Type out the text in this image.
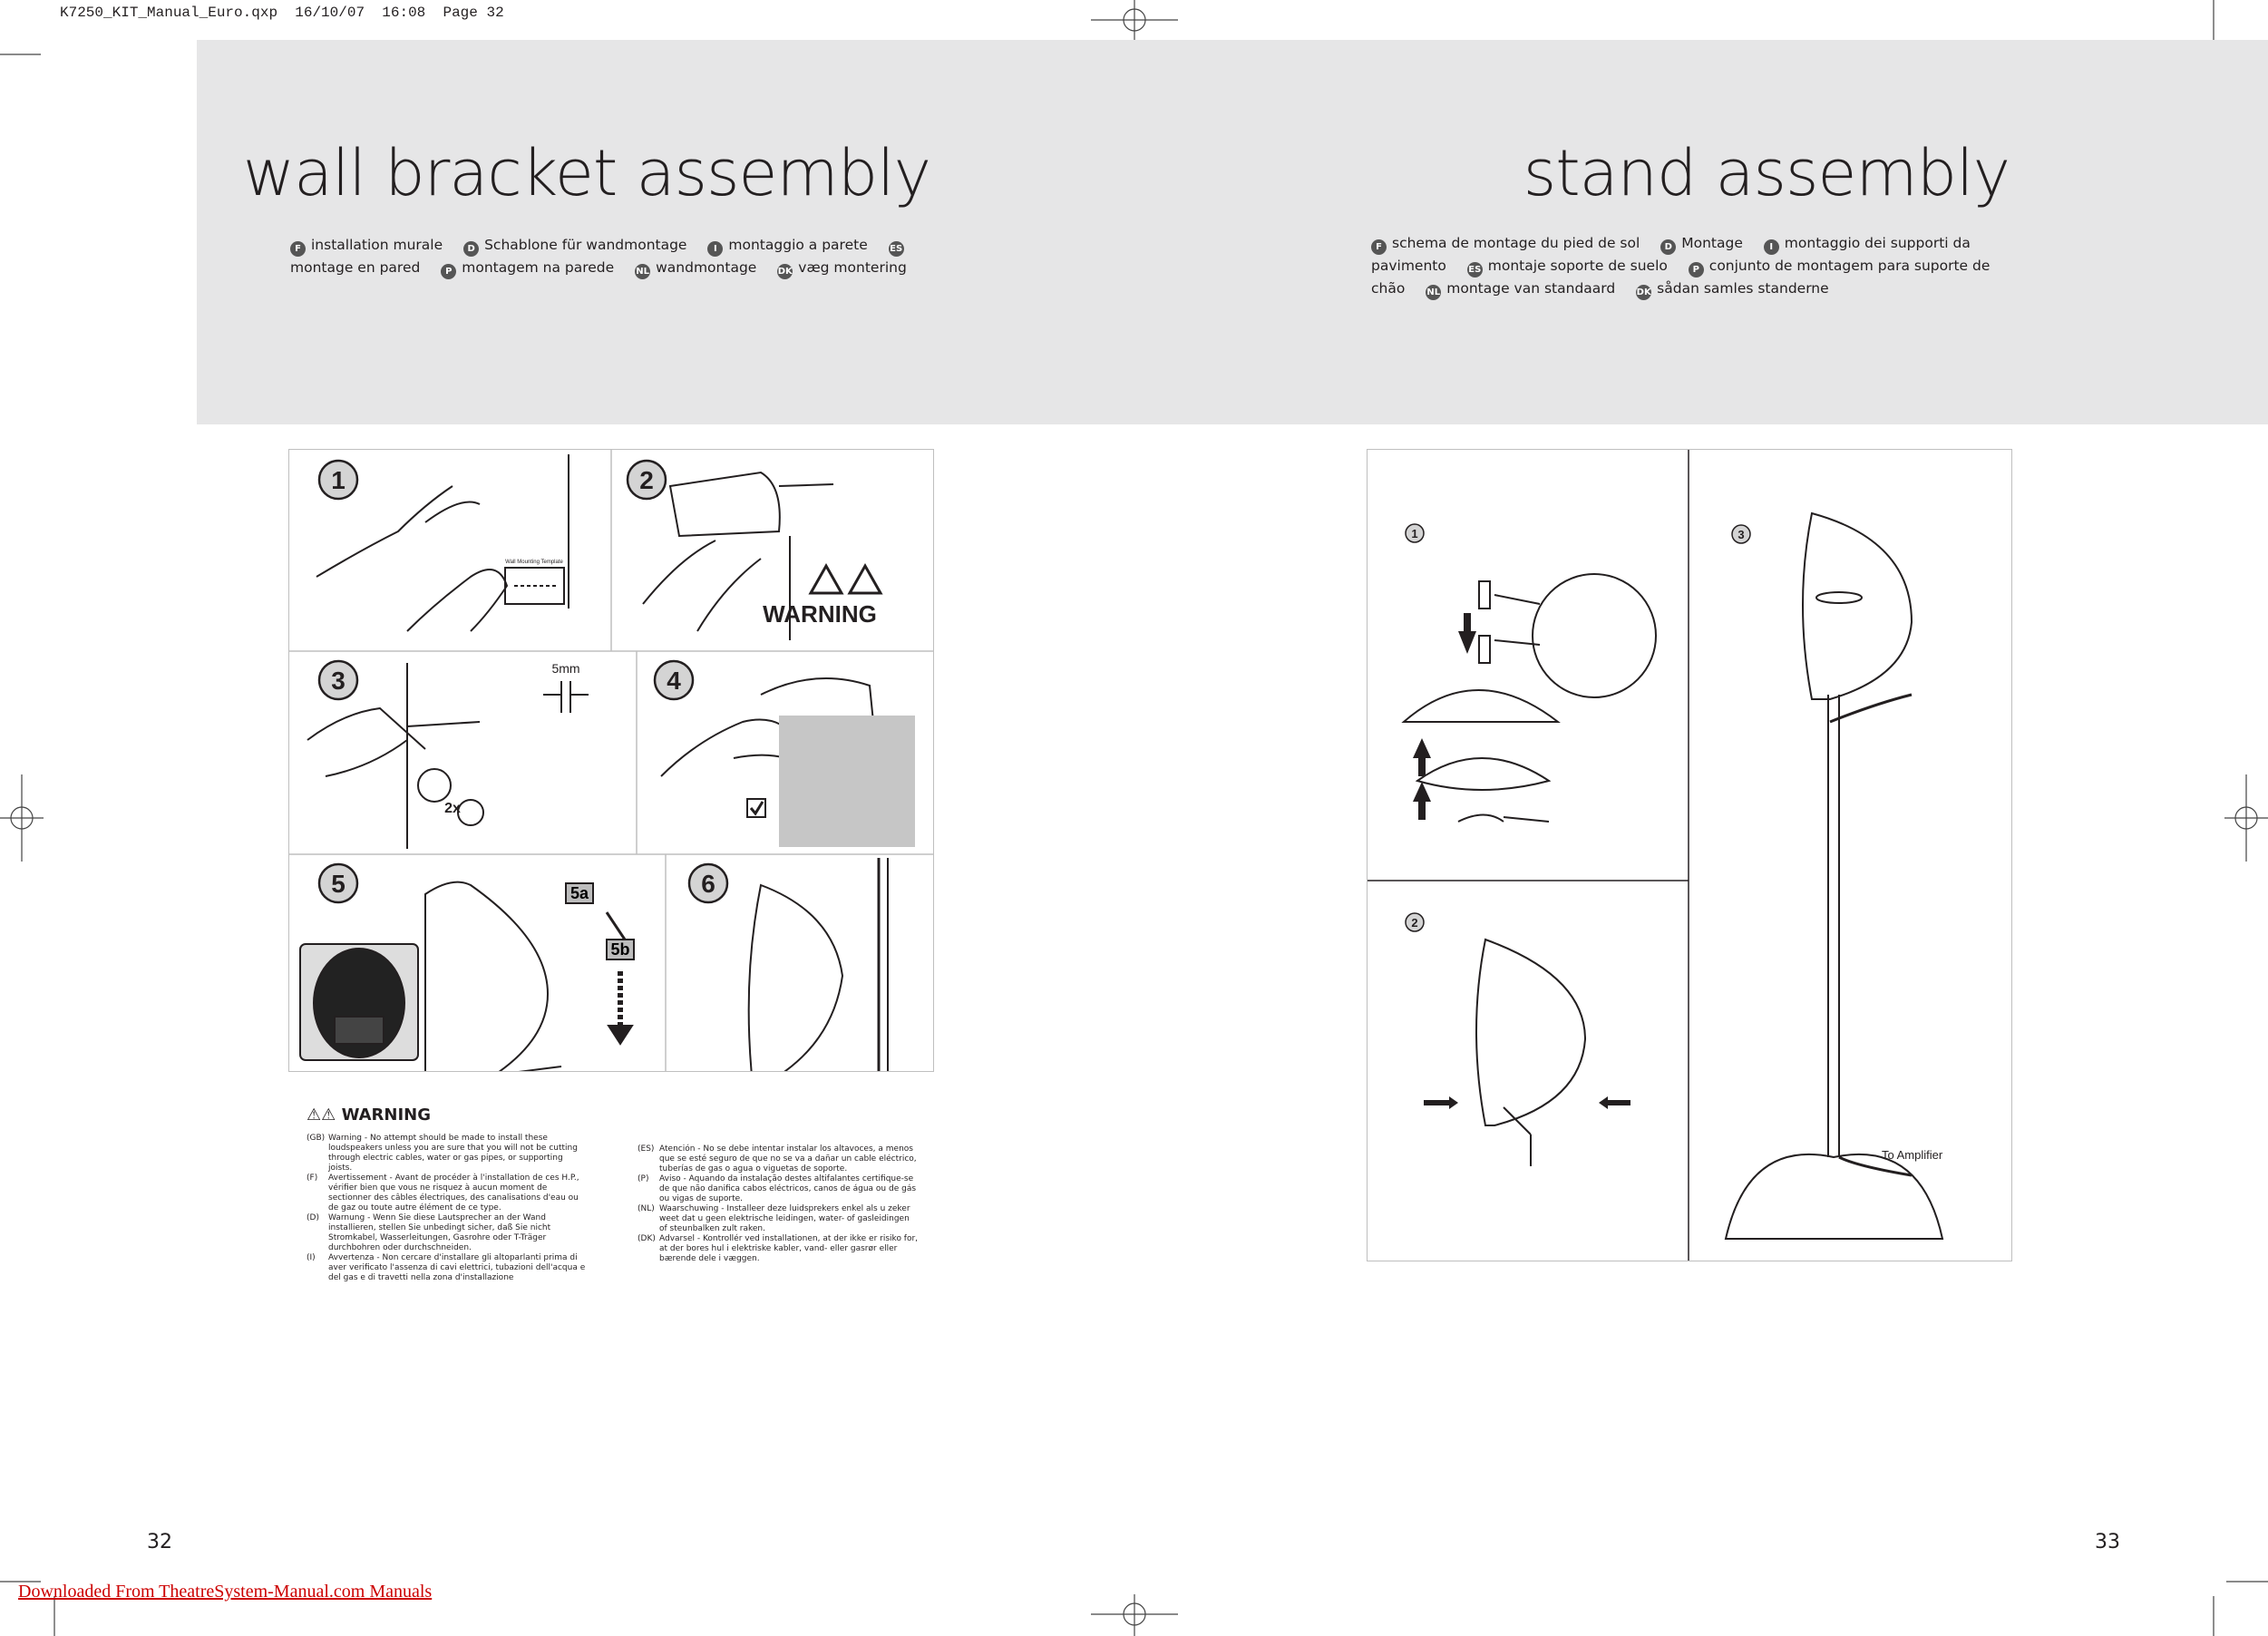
K7250_KIT_Manual_Euro.qxp  16/10/07  16:08  Page 32
wall bracket assembly
F installation murale	D Schablone für wandmontage	I montaggio a parete ESmontage en pared	P montagem na parede NL wandmontage DK væg montering
stand assembly
F schema de montage du pied de sol	D Montage	I montaggio dei supporti da pavimento ES montaje soporte de suelo	P conjunto de montagem para suporte de chão NL montage van standaard DK sådan samles standerne
1	2
3	4
5	6
Wall Mounting Template
WARNING
5mm
2x
5a
5b
⚠⚠ WARNING
(GB) Warning - No attempt should be made to install these loudspeakers unless you are sure that you will not be cutting through electric cables, water or gas pipes, or supporting joists.
(F)	Avertissement - Avant de procéder à l'installation de ces H.P., vérifier bien que vous ne risquez à aucun moment de sectionner des câbles électriques, des canalisations d'eau ou de gaz ou toute autre élément de ce type.
(D)	Warnung - Wenn Sie diese Lautsprecher an der Wand installieren, stellen Sie unbedingt sicher, daß Sie nicht Stromkabel, Wasserleitungen, Gasrohre oder T-Träger durchbohren oder durchschneiden.
(I)	Avvertenza - Non cercare d'installare gli altoparlanti prima di aver verificato l'assenza di cavi elettrici, tubazioni dell'acqua e del gas e di travetti nella zona d'installazione
(ES) Atención - No se debe intentar instalar los altavoces, a menos que se esté seguro de que no se va a dañar un cable eléctrico, tuberías de gas o agua o viguetas de soporte.
(P)	Aviso - Aquando da instalação destes altifalantes certifique-se de que não danifica cabos eléctricos, canos de água ou de gás ou vigas de suporte.
(NL) Waarschuwing - Installeer deze luidsprekers enkel als u zeker weet dat u geen elektrische leidingen, water- of gasleidingen of steunbalken zult raken.
(DK) Advarsel - Kontrollér ved installationen, at der ikke er risiko for, at der bores hul i elektriske kabler, vand- eller gasrør eller bærende dele i væggen.
1
2
3
To Amplifier
32	33
Downloaded From TheatreSystem-Manual.com Manuals
